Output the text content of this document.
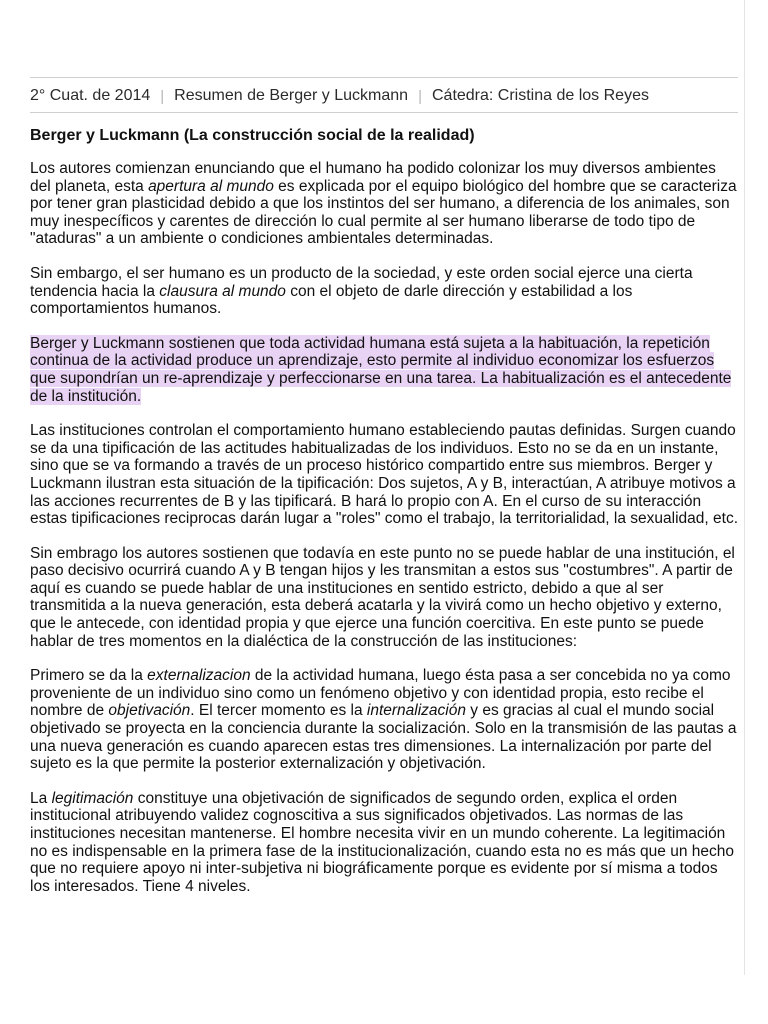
2° Cuat. de 2014 | Resumen de Berger y Luckmann | Cátedra: Cristina de los Reyes
Berger y Luckmann (La construcción social de la realidad)

Los autores comienzan enunciando que el humano ha podido colonizar los muy diversos ambientes del planeta, esta apertura al mundo es explicada por el equipo biológico del hombre que se caracteriza por tener gran plasticidad debido a que los instintos del ser humano, a diferencia de los animales, son muy inespecíficos y carentes de dirección lo cual permite al ser humano liberarse de todo tipo de "ataduras" a un ambiente o condiciones ambientales determinadas.

Sin embargo, el ser humano es un producto de la sociedad, y este orden social ejerce una cierta tendencia hacia la clausura al mundo con el objeto de darle dirección y estabilidad a los comportamientos humanos.

Berger y Luckmann sostienen que toda actividad humana está sujeta a la habituación, la repetición continua de la actividad produce un aprendizaje, esto permite al individuo economizar los esfuerzos que supondrían un re-aprendizaje y perfeccionarse en una tarea. La habitualización es el antecedente de la institución.

Las instituciones controlan el comportamiento humano estableciendo pautas definidas. Surgen cuando se da una tipificación de las actitudes habitualizadas de los individuos. Esto no se da en un instante, sino que se va formando a través de un proceso histórico compartido entre sus miembros. Berger y Luckmann ilustran esta situación de la tipificación: Dos sujetos, A y B, interactúan, A atribuye motivos a las acciones recurrentes de B y las tipificará. B hará lo propio con A. En el curso de su interacción estas tipificaciones reciprocas darán lugar a "roles" como el trabajo, la territorialidad, la sexualidad, etc.

Sin embrago los autores sostienen que todavía en este punto no se puede hablar de una institución, el paso decisivo ocurrirá cuando A y B tengan hijos y les transmitan a estos sus "costumbres". A partir de aquí es cuando se puede hablar de una instituciones en sentido estricto, debido a que al ser transmitida a la nueva generación, esta deberá acatarla y la vivirá como un hecho objetivo y externo, que le antecede, con identidad propia y que ejerce una función coercitiva. En este punto se puede hablar de tres momentos en la dialéctica de la construcción de las instituciones:

Primero se da la externalizacion de la actividad humana, luego ésta pasa a ser concebida no ya como proveniente de un individuo sino como un fenómeno objetivo y con identidad propia, esto recibe el nombre de objetivación. El tercer momento es la internalización y es gracias al cual el mundo social objetivado se proyecta en la conciencia durante la socialización. Solo en la transmisión de las pautas a una nueva generación es cuando aparecen estas tres dimensiones. La internalización por parte del sujeto es la que permite la posterior externalización y objetivación.

La legitimación constituye una objetivación de significados de segundo orden, explica el orden institucional atribuyendo validez cognoscitiva a sus significados objetivados. Las normas de las instituciones necesitan mantenerse. El hombre necesita vivir en un mundo coherente. La legitimación no es indispensable en la primera fase de la institucionalización, cuando esta no es más que un hecho que no requiere apoyo ni inter-subjetiva ni biográficamente porque es evidente por sí misma a todos los interesados. Tiene 4 niveles.
